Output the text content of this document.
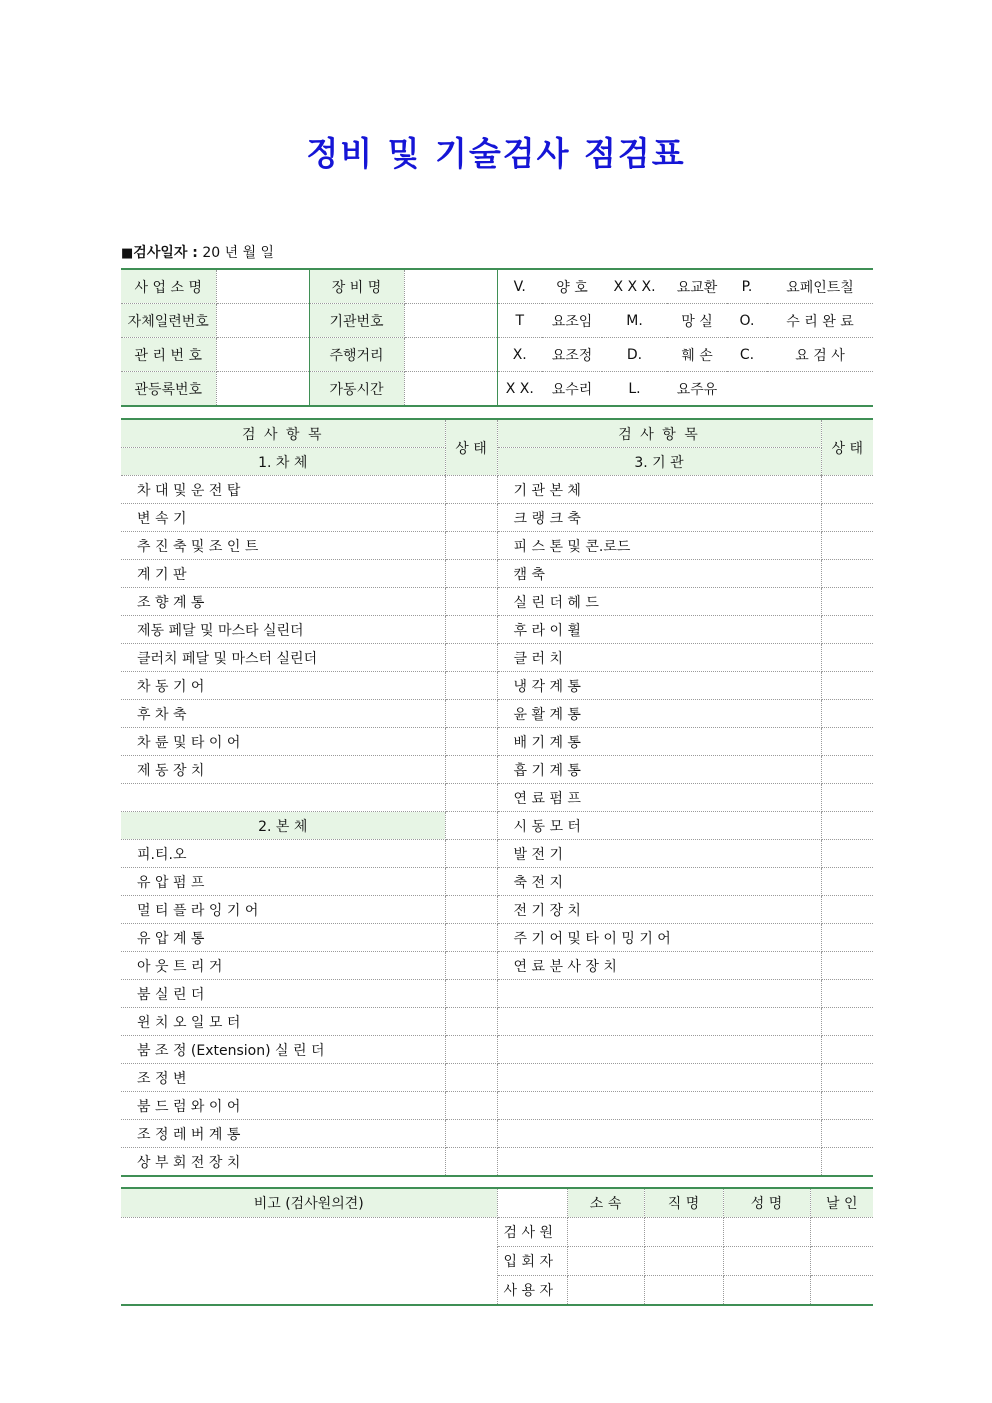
정비 및 기술검사 점검표
■검사일자 : 20 년 월 일
사 업 소 명		장 비 명		V.	양 호	X X X.	요교환	P.	요페인트칠
자체일련번호		기관번호		T	요조임	M.	망 실	O.	수 리 완 료
관 리 번 호		주행거리		X.	요조정	D.	훼 손	C.	요 검 사
관등록번호		가동시간		X X.	요수리	L.	요주유		
검 사 항 목	상 태	검 사 항 목	상 태
1. 차 체		3. 기 관	
차 대 및 운 전 탑		기 관 본 체	
변 속 기		크 랭 크 축	
추 진 축 및 조 인 트		피 스 톤 및 콘.로드	
계 기 판		캠 축	
조 향 계 통		실 린 더 헤 드	
제동 페달 및 마스타 실린더		후 라 이 휠	
클러치 페달 및 마스터 실린더		클 러 치	
차 동 기 어		냉 각 계 통	
후 차 축		윤 활 계 통	
차 륜 및 타 이 어		배 기 계 통	
제 동 장 치		흡 기 계 통	
		연 료 펌 프	
2. 본 체		시 동 모 터	
피.티.오		발 전 기	
유 압 펌 프		축 전 지	
멀 티 플 라 잉 기 어		전 기 장 치	
유 압 계 통		주 기 어 및 타 이 밍 기 어	
아 웃 트 리 거		연 료 분 사 장 치	
붐 실 린 더			
윈 치 오 일 모 터			
붐 조 정 (Extension) 실 린 더			
조 정 변			
붐 드 럼 와 이 어			
조 정 레 버 계 통			
상 부 회 전 장 치			
비고 (검사원의견)		소 속	직 명	성 명	날 인
	검 사 원				
	입 회 자				
	사 용 자				
